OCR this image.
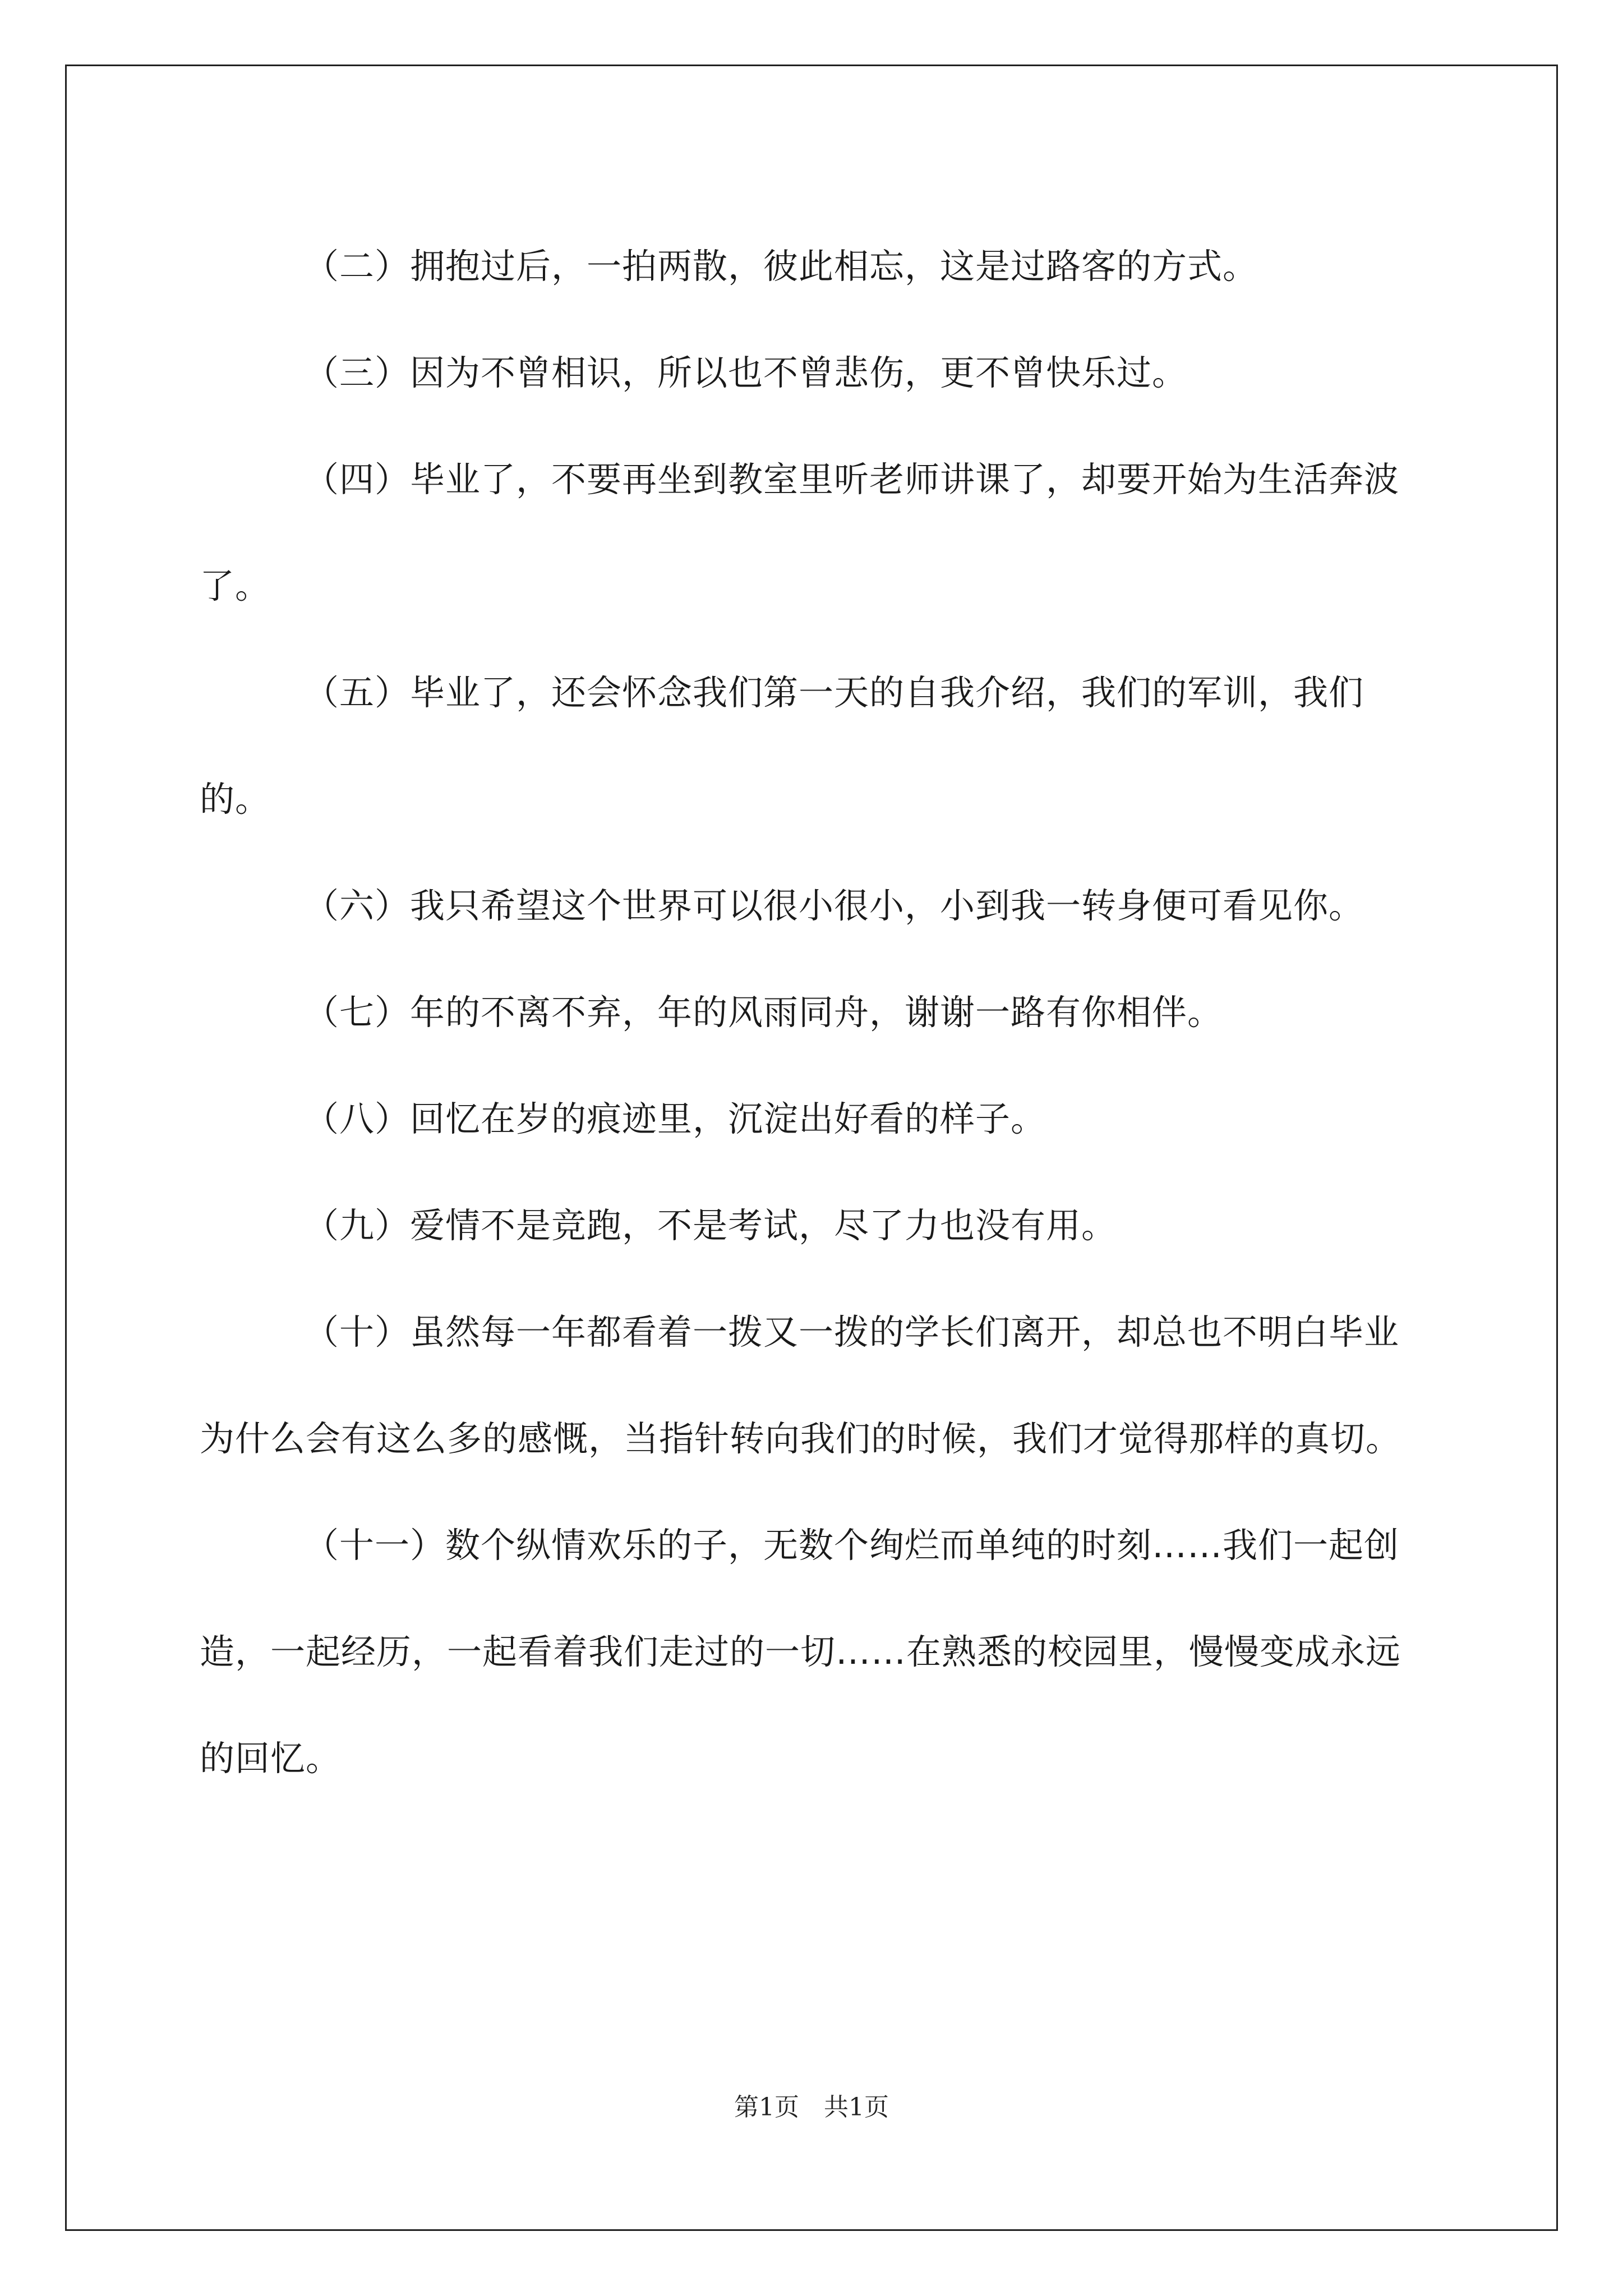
（二）拥抱过后，一拍两散，彼此相忘，这是过路客的方式。

（三）因为不曾相识，所以也不曾悲伤，更不曾快乐过。

（四）毕业了，不要再坐到教室里听老师讲课了，却要开始为生活奔波了。

（五）毕业了，还会怀念我们第一天的自我介绍，我们的军训，我们的。

（六）我只希望这个世界可以很小很小，小到我一转身便可看见你。

（七）年的不离不弃，年的风雨同舟，谢谢一路有你相伴。

（八）回忆在岁的痕迹里，沉淀出好看的样子。

（九）爱情不是竞跑，不是考试，尽了力也没有用。

（十）虽然每一年都看着一拨又一拨的学长们离开，却总也不明白毕业为什么会有这么多的感慨，当指针转向我们的时候，我们才觉得那样的真切。

（十一）数个纵情欢乐的子，无数个绚烂而单纯的时刻……我们一起创造，一起经历，一起看着我们走过的一切……在熟悉的校园里，慢慢变成永远的回忆。

第1页　共1页
